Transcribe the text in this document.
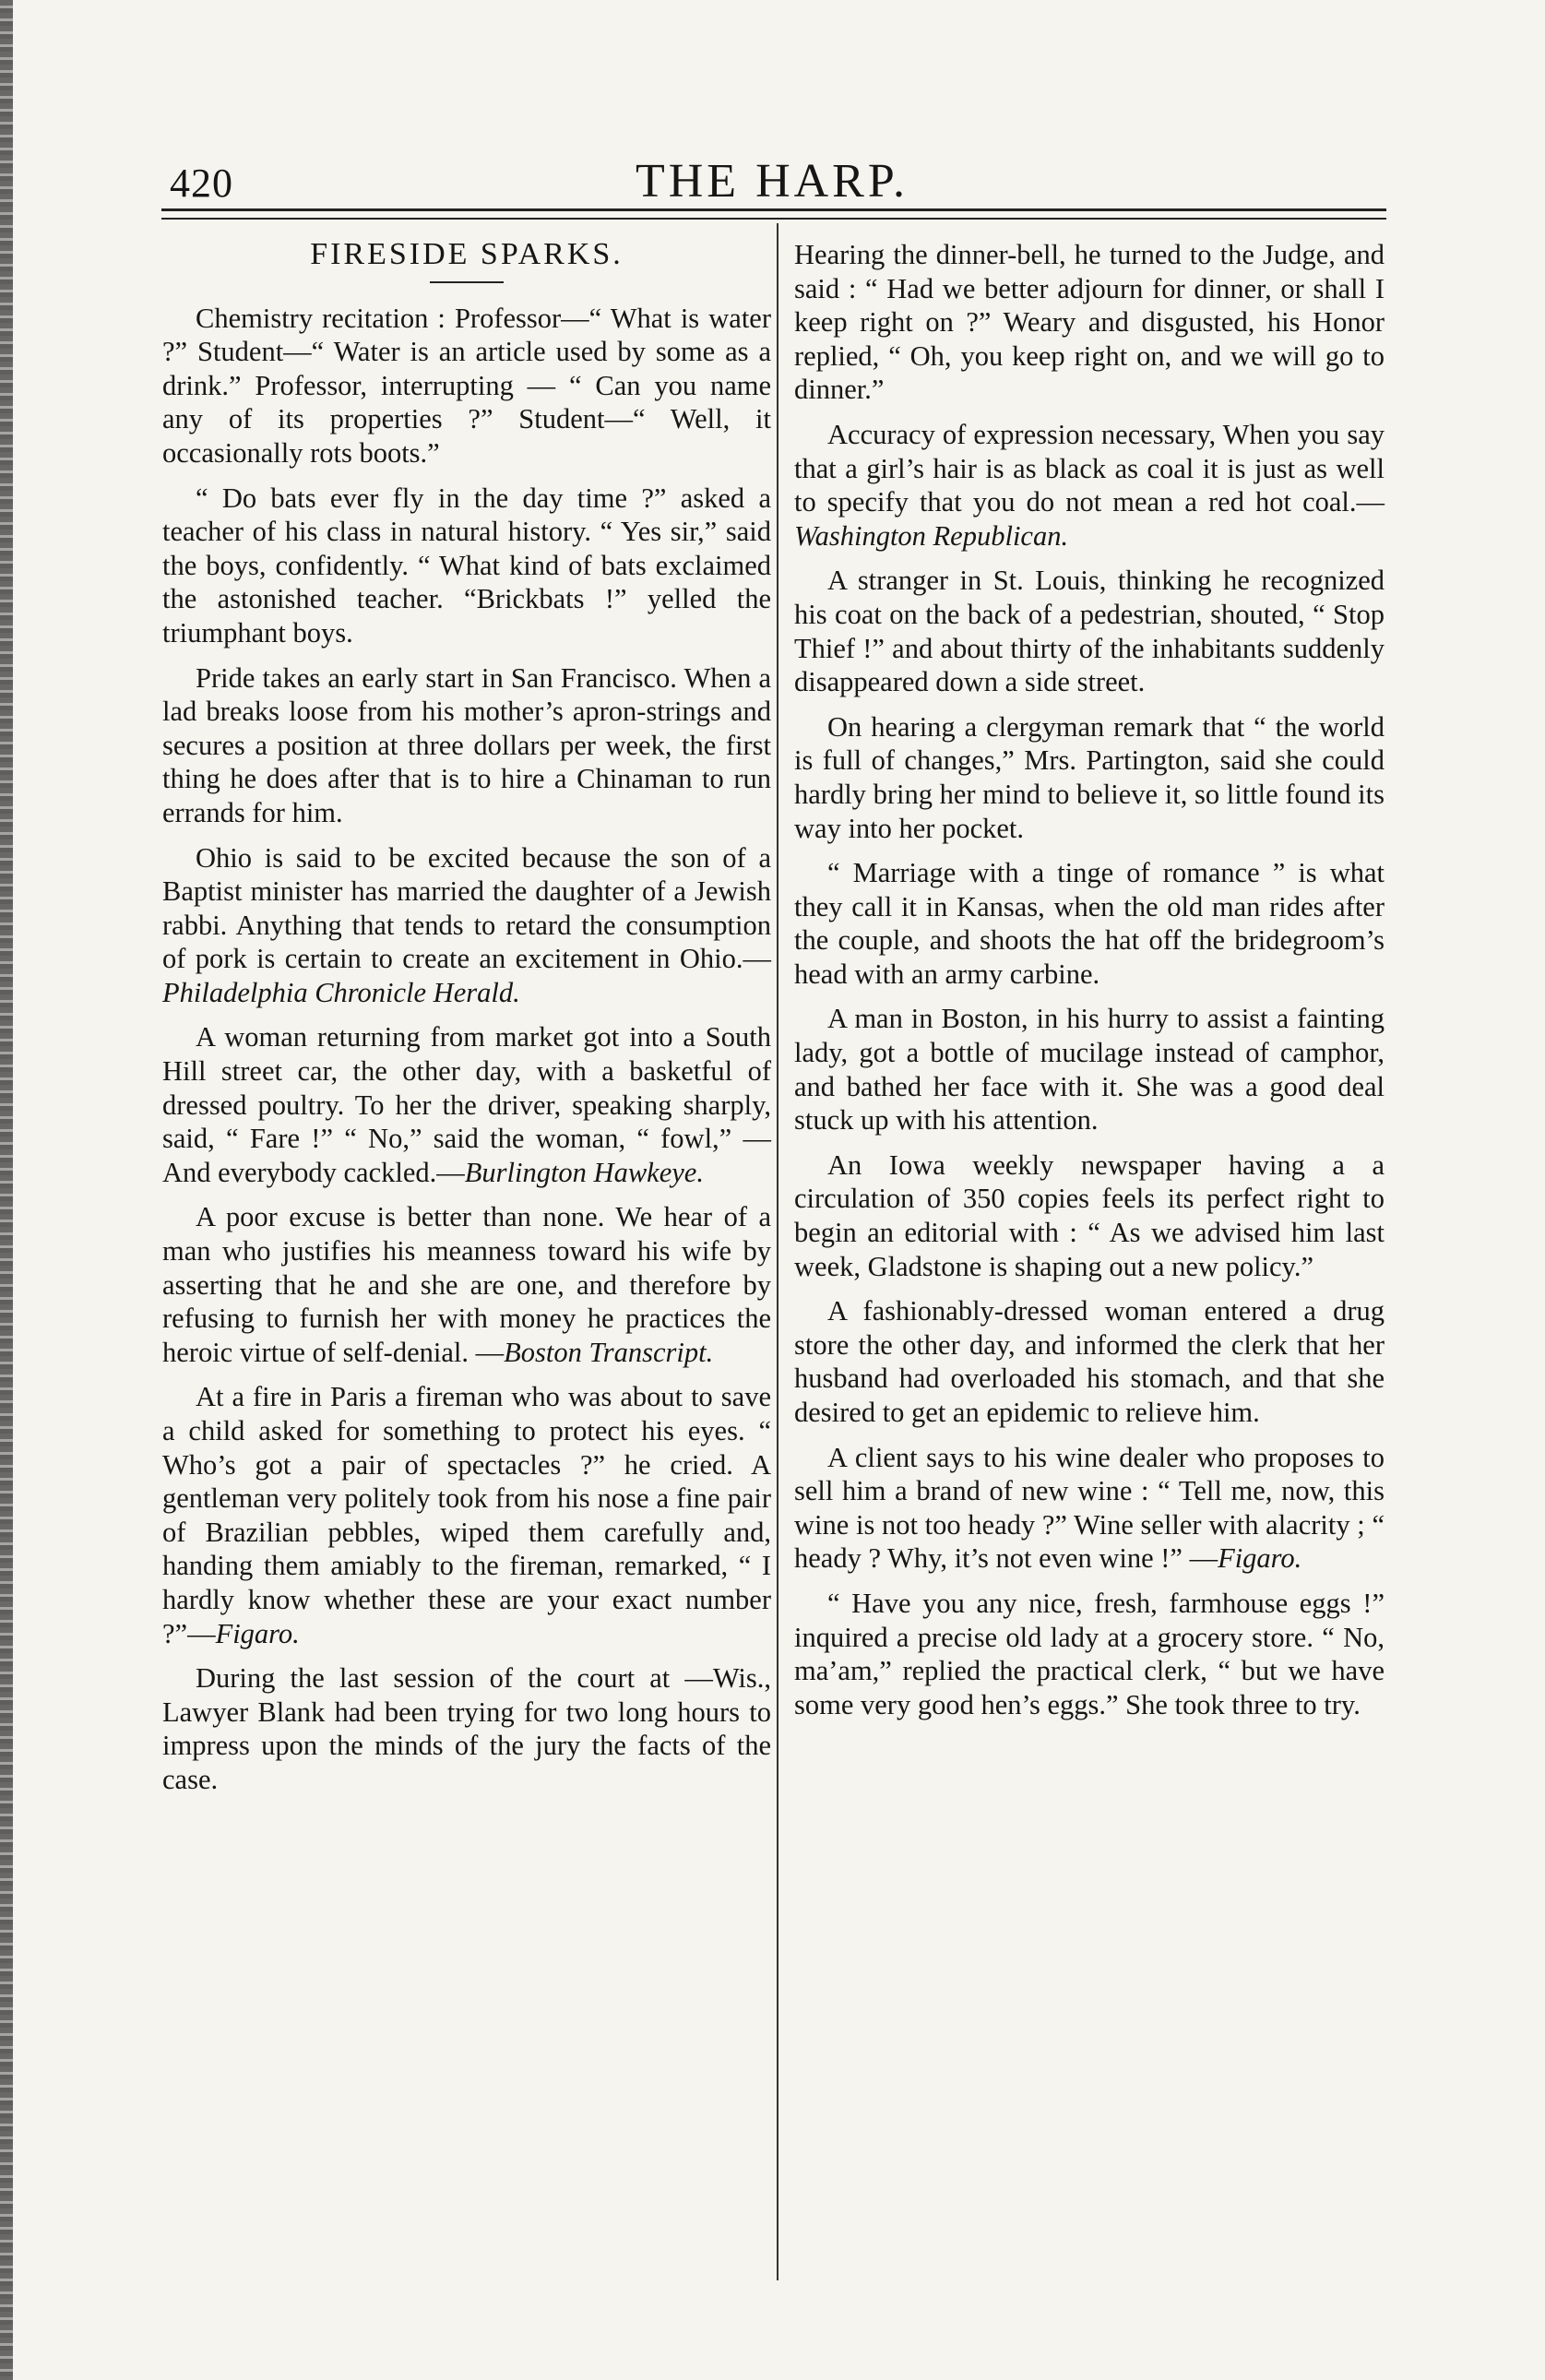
420	THE HARP.
FIRESIDE SPARKS.

Chemistry recitation : Professor—“ What is water ?” Student—“ Water is an article used by some as a drink.” Professor, interrupting — “ Can you name any of its properties ?” Student—“ Well, it occasionally rots boots.”

“ Do bats ever fly in the day time ?” asked a teacher of his class in natural history. “ Yes sir,” said the boys, confidently. “ What kind of bats exclaimed the astonished teacher. “Brickbats !” yelled the triumphant boys.

Pride takes an early start in San Francisco. When a lad breaks loose from his mother’s apron-strings and secures a position at three dollars per week, the first thing he does after that is to hire a Chinaman to run errands for him.

Ohio is said to be excited because the son of a Baptist minister has married the daughter of a Jewish rabbi. Anything that tends to retard the consumption of pork is certain to create an excitement in Ohio.—Philadelphia Chronicle Herald.

A woman returning from market got into a South Hill street car, the other day, with a basketful of dressed poultry. To her the driver, speaking sharply, said, “ Fare !” “ No,” said the woman, “ fowl,” — And everybody cackled.—Burlington Hawkeye.

A poor excuse is better than none. We hear of a man who justifies his meanness toward his wife by asserting that he and she are one, and therefore by refusing to furnish her with money he practices the heroic virtue of self-denial. —Boston Transcript.

At a fire in Paris a fireman who was about to save a child asked for something to protect his eyes. “ Who’s got a pair of spectacles ?” he cried. A gentleman very politely took from his nose a fine pair of Brazilian pebbles, wiped them carefully and, handing them amiably to the fireman, remarked, “ I hardly know whether these are your exact number ?”—Figaro.

During the last session of the court at —Wis., Lawyer Blank had been trying for two long hours to impress upon the minds of the jury the facts of the case.

Hearing the dinner-bell, he turned to the Judge, and said : “ Had we better adjourn for dinner, or shall I keep right on ?” Weary and disgusted, his Honor replied, “ Oh, you keep right on, and we will go to dinner.”

Accuracy of expression necessary, When you say that a girl’s hair is as black as coal it is just as well to specify that you do not mean a red hot coal.—Washington Republican.

A stranger in St. Louis, thinking he recognized his coat on the back of a pedestrian, shouted, “ Stop Thief !” and about thirty of the inhabitants suddenly disappeared down a side street.

On hearing a clergyman remark that “ the world is full of changes,” Mrs. Partington, said she could hardly bring her mind to believe it, so little found its way into her pocket.

“ Marriage with a tinge of romance ” is what they call it in Kansas, when the old man rides after the couple, and shoots the hat off the bridegroom’s head with an army carbine.

A man in Boston, in his hurry to assist a fainting lady, got a bottle of mucilage instead of camphor, and bathed her face with it. She was a good deal stuck up with his attention.

An Iowa weekly newspaper having a a circulation of 350 copies feels its perfect right to begin an editorial with : “ As we advised him last week, Gladstone is shaping out a new policy.”

A fashionably-dressed woman entered a drug store the other day, and informed the clerk that her husband had overloaded his stomach, and that she desired to get an epidemic to relieve him.

A client says to his wine dealer who proposes to sell him a brand of new wine : “ Tell me, now, this wine is not too heady ?” Wine seller with alacrity ; “ heady ? Why, it’s not even wine !” —Figaro.

“ Have you any nice, fresh, farmhouse eggs !” inquired a precise old lady at a grocery store. “ No, ma’am,” replied the practical clerk, “ but we have some very good hen’s eggs.” She took three to try.
